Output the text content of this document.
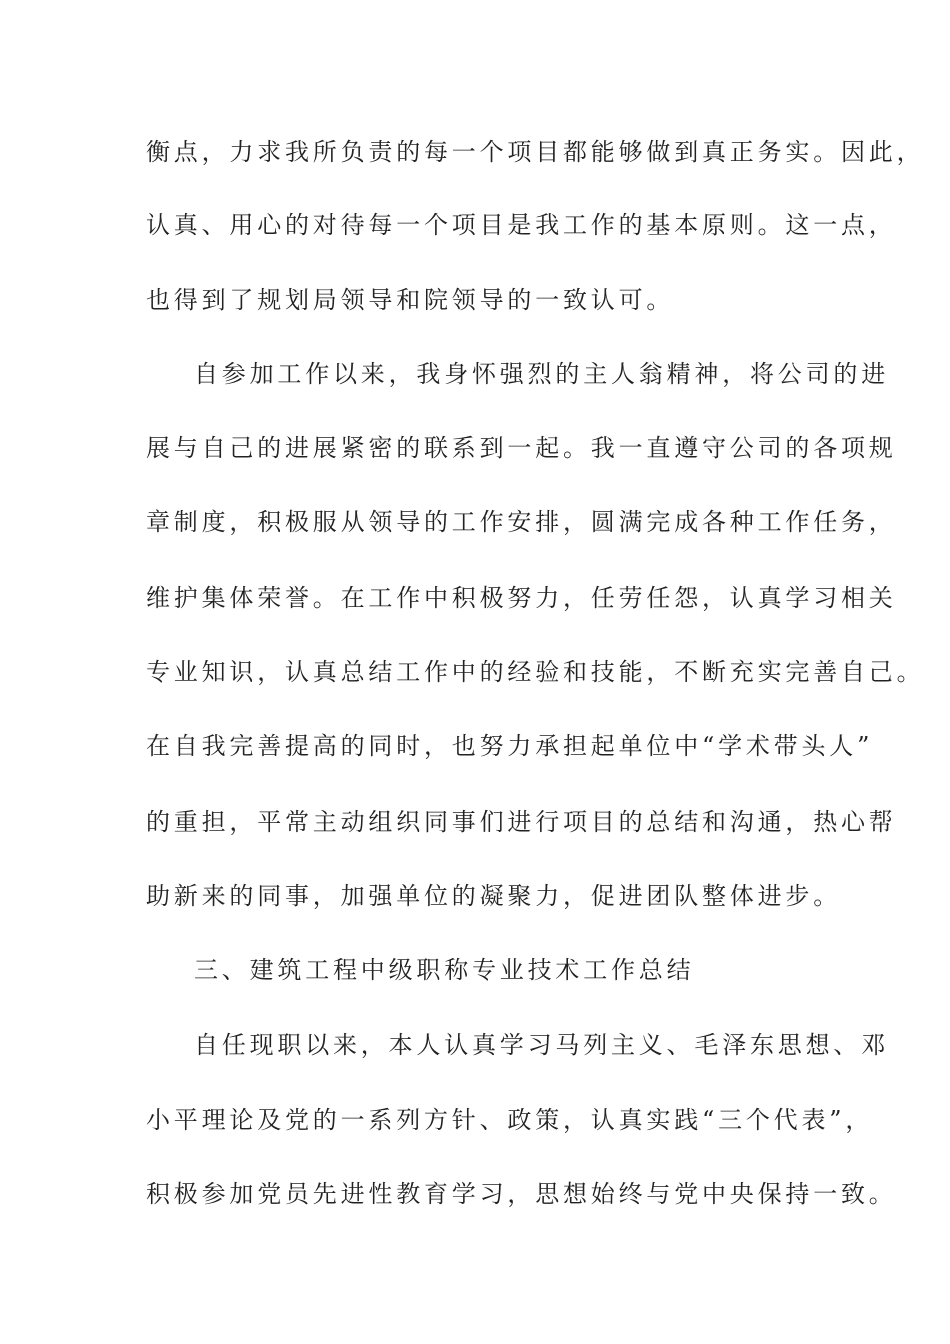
衡点，力求我所负责的每一个项目都能够做到真正务实。因此，
认真、用心的对待每一个项目是我工作的基本原则。这一点，
也得到了规划局领导和院领导的一致认可。
自参加工作以来，我身怀强烈的主人翁精神，将公司的进
展与自己的进展紧密的联系到一起。我一直遵守公司的各项规
章制度，积极服从领导的工作安排，圆满完成各种工作任务，
维护集体荣誉。在工作中积极努力，任劳任怨，认真学习相关
专业知识，认真总结工作中的经验和技能，不断充实完善自己。
在自我完善提高的同时，也努力承担起单位中“学术带头人”
的重担，平常主动组织同事们进行项目的总结和沟通，热心帮
助新来的同事，加强单位的凝聚力，促进团队整体进步。
三、建筑工程中级职称专业技术工作总结
自任现职以来，本人认真学习马列主义、毛泽东思想、邓
小平理论及党的一系列方针、政策，认真实践“三个代表”，
积极参加党员先进性教育学习，思想始终与党中央保持一致。
